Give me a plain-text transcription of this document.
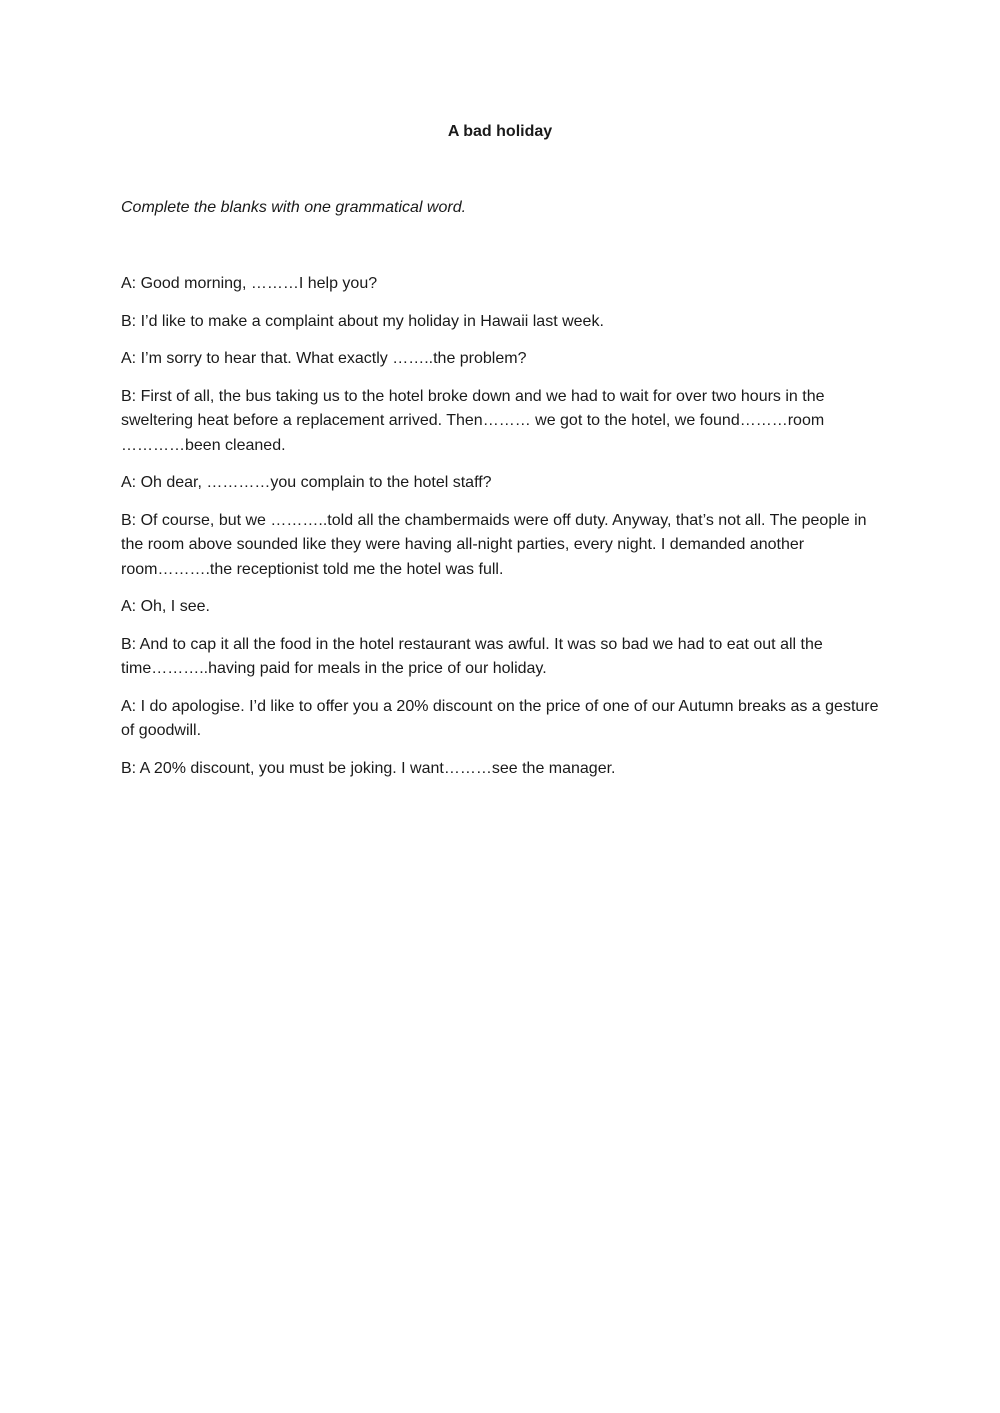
A bad holiday
Complete the blanks with one grammatical word.

A: Good morning, ………I help you?

B: I’d like to make a complaint about my holiday in Hawaii last week.

A: I’m sorry to hear that. What exactly ……..the problem?

B: First of all, the bus taking us to the hotel broke down and we had to wait for over two hours in the sweltering heat before a replacement arrived. Then……… we got to the hotel, we found………room …………been cleaned.

A: Oh dear, …………you complain to the hotel staff?

B: Of course, but we ………..told all the chambermaids were off duty. Anyway, that’s not all. The people in the room above sounded like they were having all-night parties, every night. I demanded another room……….the receptionist told me the hotel was full.

A: Oh, I see.

B: And to cap it all the food in the hotel restaurant was awful. It was so bad we had to eat out all the time………..having paid for meals in the price of our holiday.

A: I do apologise. I’d like to offer you a 20% discount on the price of one of our Autumn breaks as a gesture of goodwill.

B: A 20% discount, you must be joking. I want………see the manager.
